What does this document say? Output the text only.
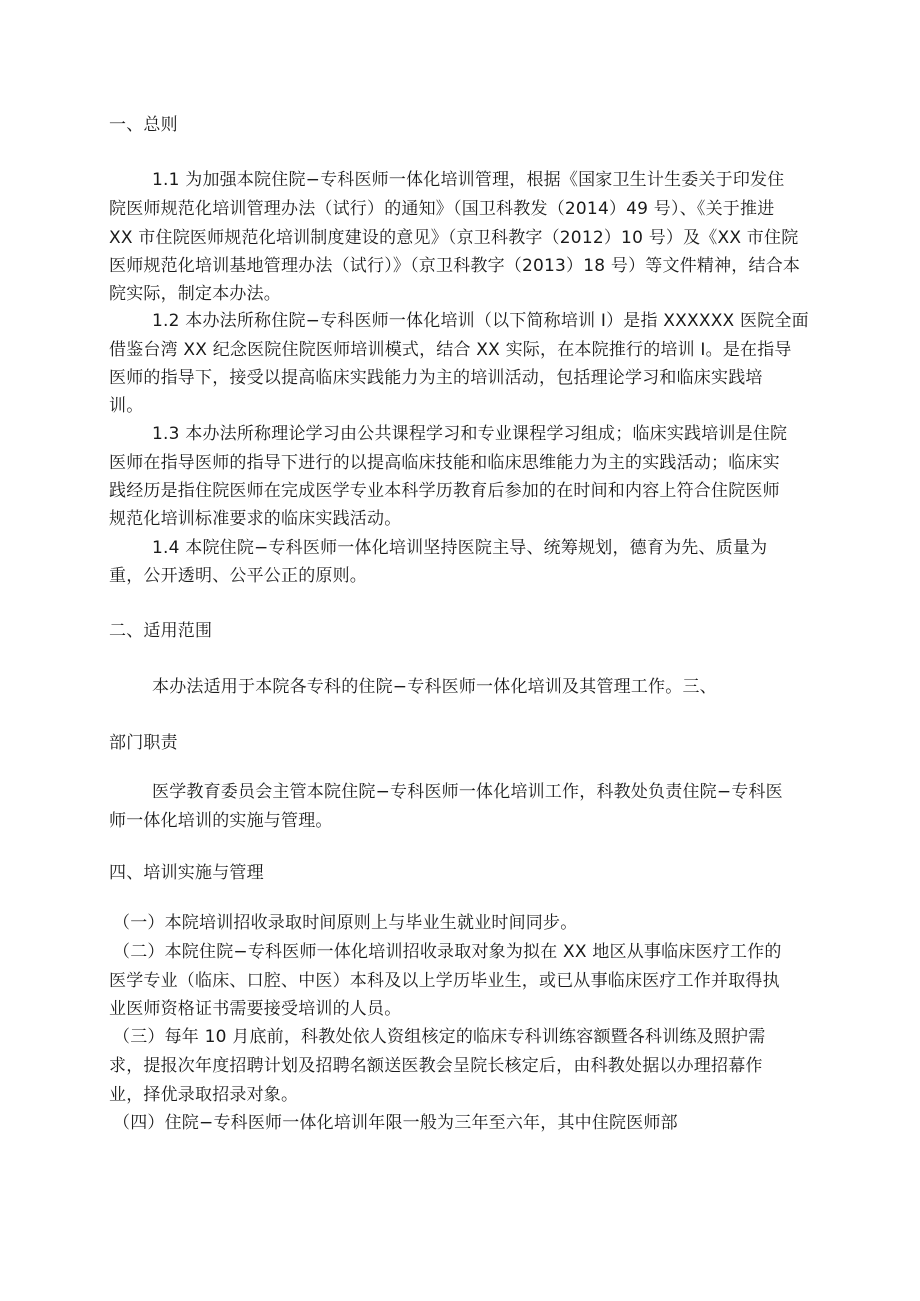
一、总则
1.1 为加强本院住院−专科医师一体化培训管理，根据《国家卫生计生委关于印发住
院医师规范化培训管理办法（试行）的通知》（国卫科教发（2014）49 号）、《关于推进
XX 市住院医师规范化培训制度建设的意见》（京卫科教字（2012）10 号）及《XX 市住院
医师规范化培训基地管理办法（试行）》（京卫科教字（2013）18 号）等文件精神，结合本
院实际，制定本办法。
1.2 本办法所称住院−专科医师一体化培训（以下简称培训 I）是指 XXXXXX 医院全面
借鉴台湾 XX 纪念医院住院医师培训模式，结合 XX 实际，在本院推行的培训 I。是在指导
医师的指导下，接受以提高临床实践能力为主的培训活动，包括理论学习和临床实践培
训。
1.3 本办法所称理论学习由公共课程学习和专业课程学习组成；临床实践培训是住院
医师在指导医师的指导下进行的以提高临床技能和临床思维能力为主的实践活动；临床实
践经历是指住院医师在完成医学专业本科学历教育后参加的在时间和内容上符合住院医师
规范化培训标准要求的临床实践活动。
1.4 本院住院−专科医师一体化培训坚持医院主导、统筹规划，德育为先、质量为
重，公开透明、公平公正的原则。
二、适用范围
本办法适用于本院各专科的住院−专科医师一体化培训及其管理工作。三、
部门职责
医学教育委员会主管本院住院−专科医师一体化培训工作，科教处负责住院−专科医
师一体化培训的实施与管理。
四、培训实施与管理
（一）本院培训招收录取时间原则上与毕业生就业时间同步。
（二）本院住院−专科医师一体化培训招收录取对象为拟在 XX 地区从事临床医疗工作的
医学专业（临床、口腔、中医）本科及以上学历毕业生，或已从事临床医疗工作并取得执
业医师资格证书需要接受培训的人员。
（三）每年 10 月底前，科教处依人资组核定的临床专科训练容额暨各科训练及照护需
求，提报次年度招聘计划及招聘名额送医教会呈院长核定后，由科教处据以办理招幕作
业，择优录取招录对象。
（四）住院−专科医师一体化培训年限一般为三年至六年，其中住院医师部
